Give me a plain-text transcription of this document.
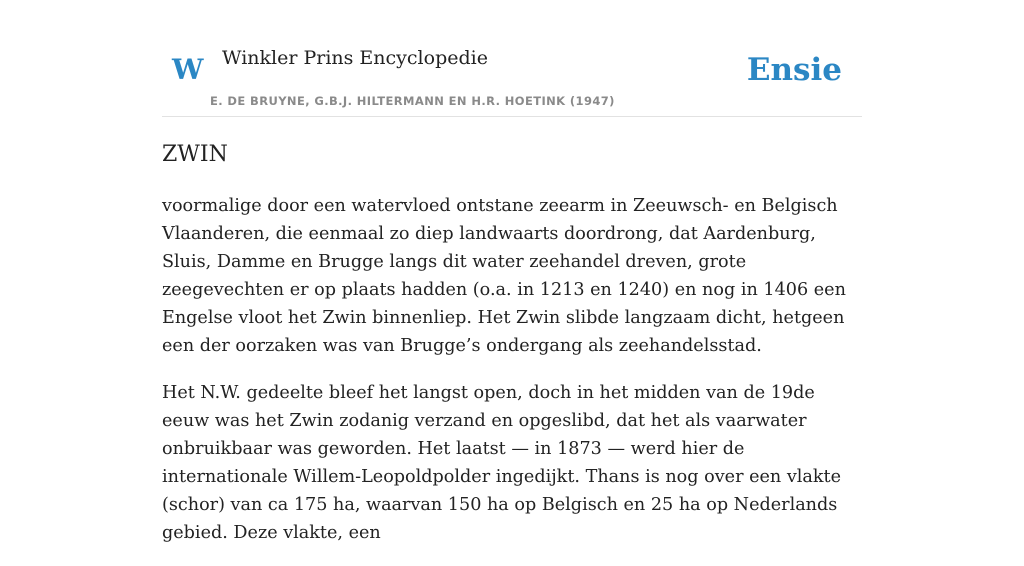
W Winkler Prins Encyclopedie
E. DE BRUYNE, G.B.J. HILTERMANN EN H.R. HOETINK (1947)
Ensie
ZWIN

voormalige door een watervloed ontstane zeearm in Zeeuwsch- en Belgisch Vlaanderen, die eenmaal zo diep landwaarts doordrong, dat Aardenburg, Sluis, Damme en Brugge langs dit water zeehandel dreven, grote zeegevechten er op plaats hadden (o.a. in 1213 en 1240) en nog in 1406 een Engelse vloot het Zwin binnenliep. Het Zwin slibde langzaam dicht, hetgeen een der oorzaken was van Brugge’s ondergang als zeehandelsstad.

Het N.W. gedeelte bleef het langst open, doch in het midden van de 19de eeuw was het Zwin zodanig verzand en opgeslibd, dat het als vaarwater onbruikbaar was geworden. Het laatst — in 1873 — werd hier de internationale Willem-Leopoldpolder ingedijkt. Thans is nog over een vlakte (schor) van ca 175 ha, waarvan 150 ha op Belgisch en 25 ha op Nederlands gebied. Deze vlakte, een
